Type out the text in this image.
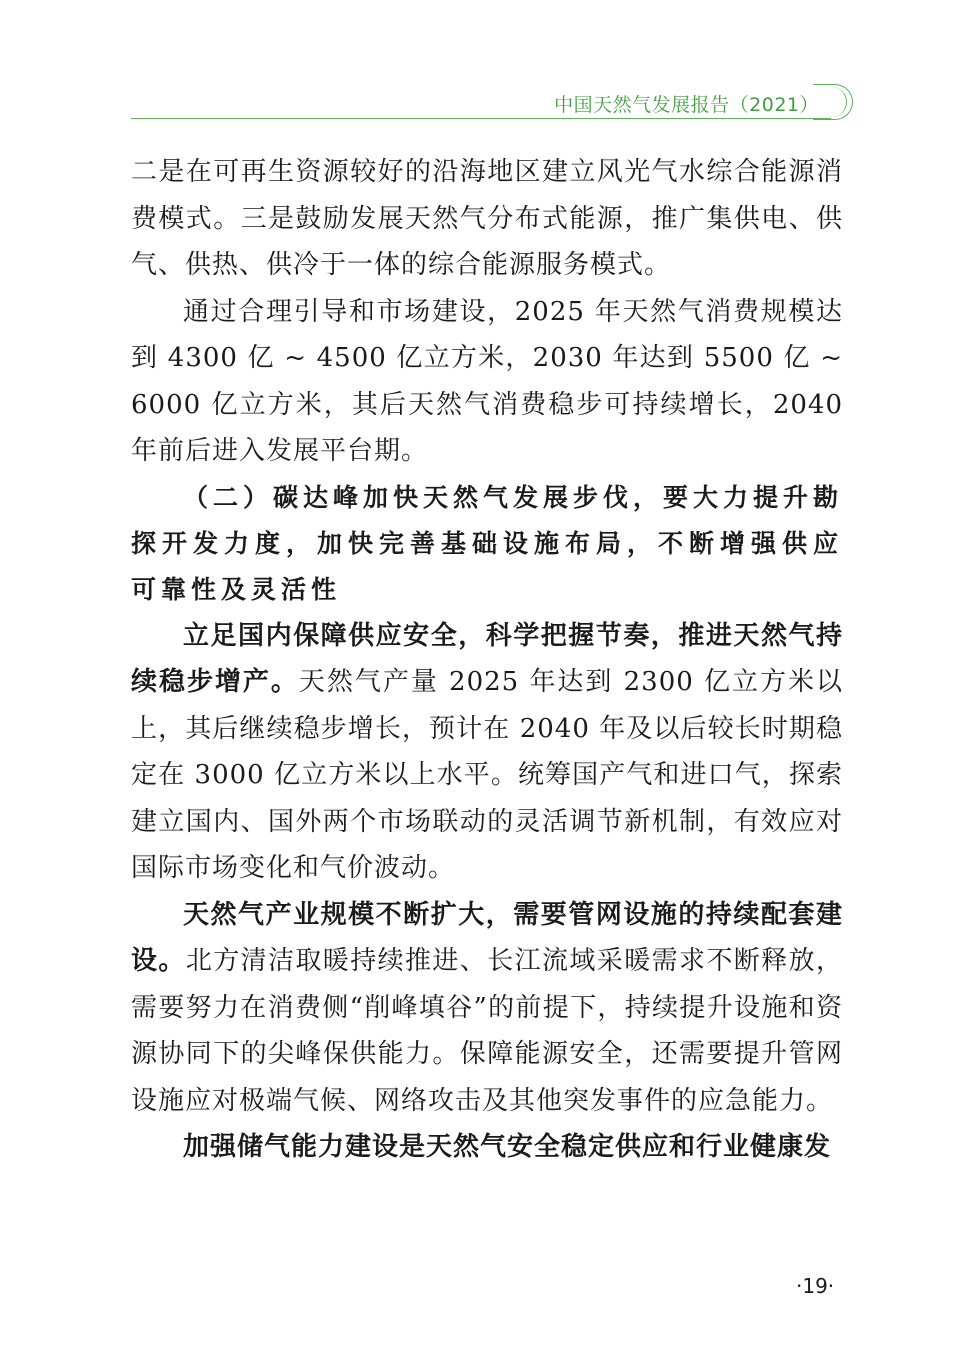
中国天然气发展报告（2021）

二是在可再生资源较好的沿海地区建立风光气水综合能源消费模式。三是鼓励发展天然气分布式能源，推广集供电、供气、供热、供冷于一体的综合能源服务模式。

通过合理引导和市场建设，2025 年天然气消费规模达到 4300 亿 ~ 4500 亿立方米，2030 年达到 5500 亿 ~ 6000 亿立方米，其后天然气消费稳步可持续增长，2040 年前后进入发展平台期。

（二）碳达峰加快天然气发展步伐，要大力提升勘探开发力度，加快完善基础设施布局，不断增强供应可靠性及灵活性

立足国内保障供应安全，科学把握节奏，推进天然气持续稳步增产。天然气产量 2025 年达到 2300 亿立方米以上，其后继续稳步增长，预计在 2040 年及以后较长时期稳定在 3000 亿立方米以上水平。统筹国产气和进口气，探索建立国内、国外两个市场联动的灵活调节新机制，有效应对国际市场变化和气价波动。

天然气产业规模不断扩大，需要管网设施的持续配套建设。北方清洁取暖持续推进、长江流域采暖需求不断释放，需要努力在消费侧“削峰填谷”的前提下，持续提升设施和资源协同下的尖峰保供能力。保障能源安全，还需要提升管网设施应对极端气候、网络攻击及其他突发事件的应急能力。

加强储气能力建设是天然气安全稳定供应和行业健康发

·19·
